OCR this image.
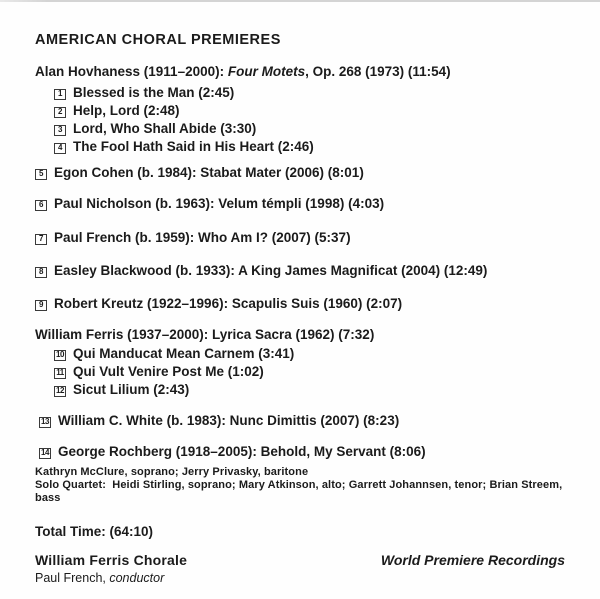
AMERICAN CHORAL PREMIERES
Alan Hovhaness (1911–2000): Four Motets, Op. 268 (1973) (11:54)
1 Blessed is the Man (2:45)
2 Help, Lord (2:48)
3 Lord, Who Shall Abide (3:30)
4 The Fool Hath Said in His Heart (2:46)
5 Egon Cohen (b. 1984): Stabat Mater (2006) (8:01)
6 Paul Nicholson (b. 1963): Velum témpli (1998) (4:03)
7 Paul French (b. 1959): Who Am I? (2007) (5:37)
8 Easley Blackwood (b. 1933): A King James Magnificat (2004) (12:49)
9 Robert Kreutz (1922–1996): Scapulis Suis (1960) (2:07)
William Ferris (1937–2000): Lyrica Sacra (1962) (7:32)
10 Qui Manducat Mean Carnem (3:41)
11 Qui Vult Venire Post Me (1:02)
12 Sicut Lilium (2:43)
13 William C. White (b. 1983): Nunc Dimittis (2007) (8:23)
14 George Rochberg (1918–2005): Behold, My Servant (8:06)
Kathryn McClure, soprano; Jerry Privasky, baritone
Solo Quartet:  Heidi Stirling, soprano; Mary Atkinson, alto; Garrett Johannsen, tenor; Brian Streem, bass
Total Time: (64:10)
William Ferris Chorale	World Premiere Recordings
Paul French, conductor
